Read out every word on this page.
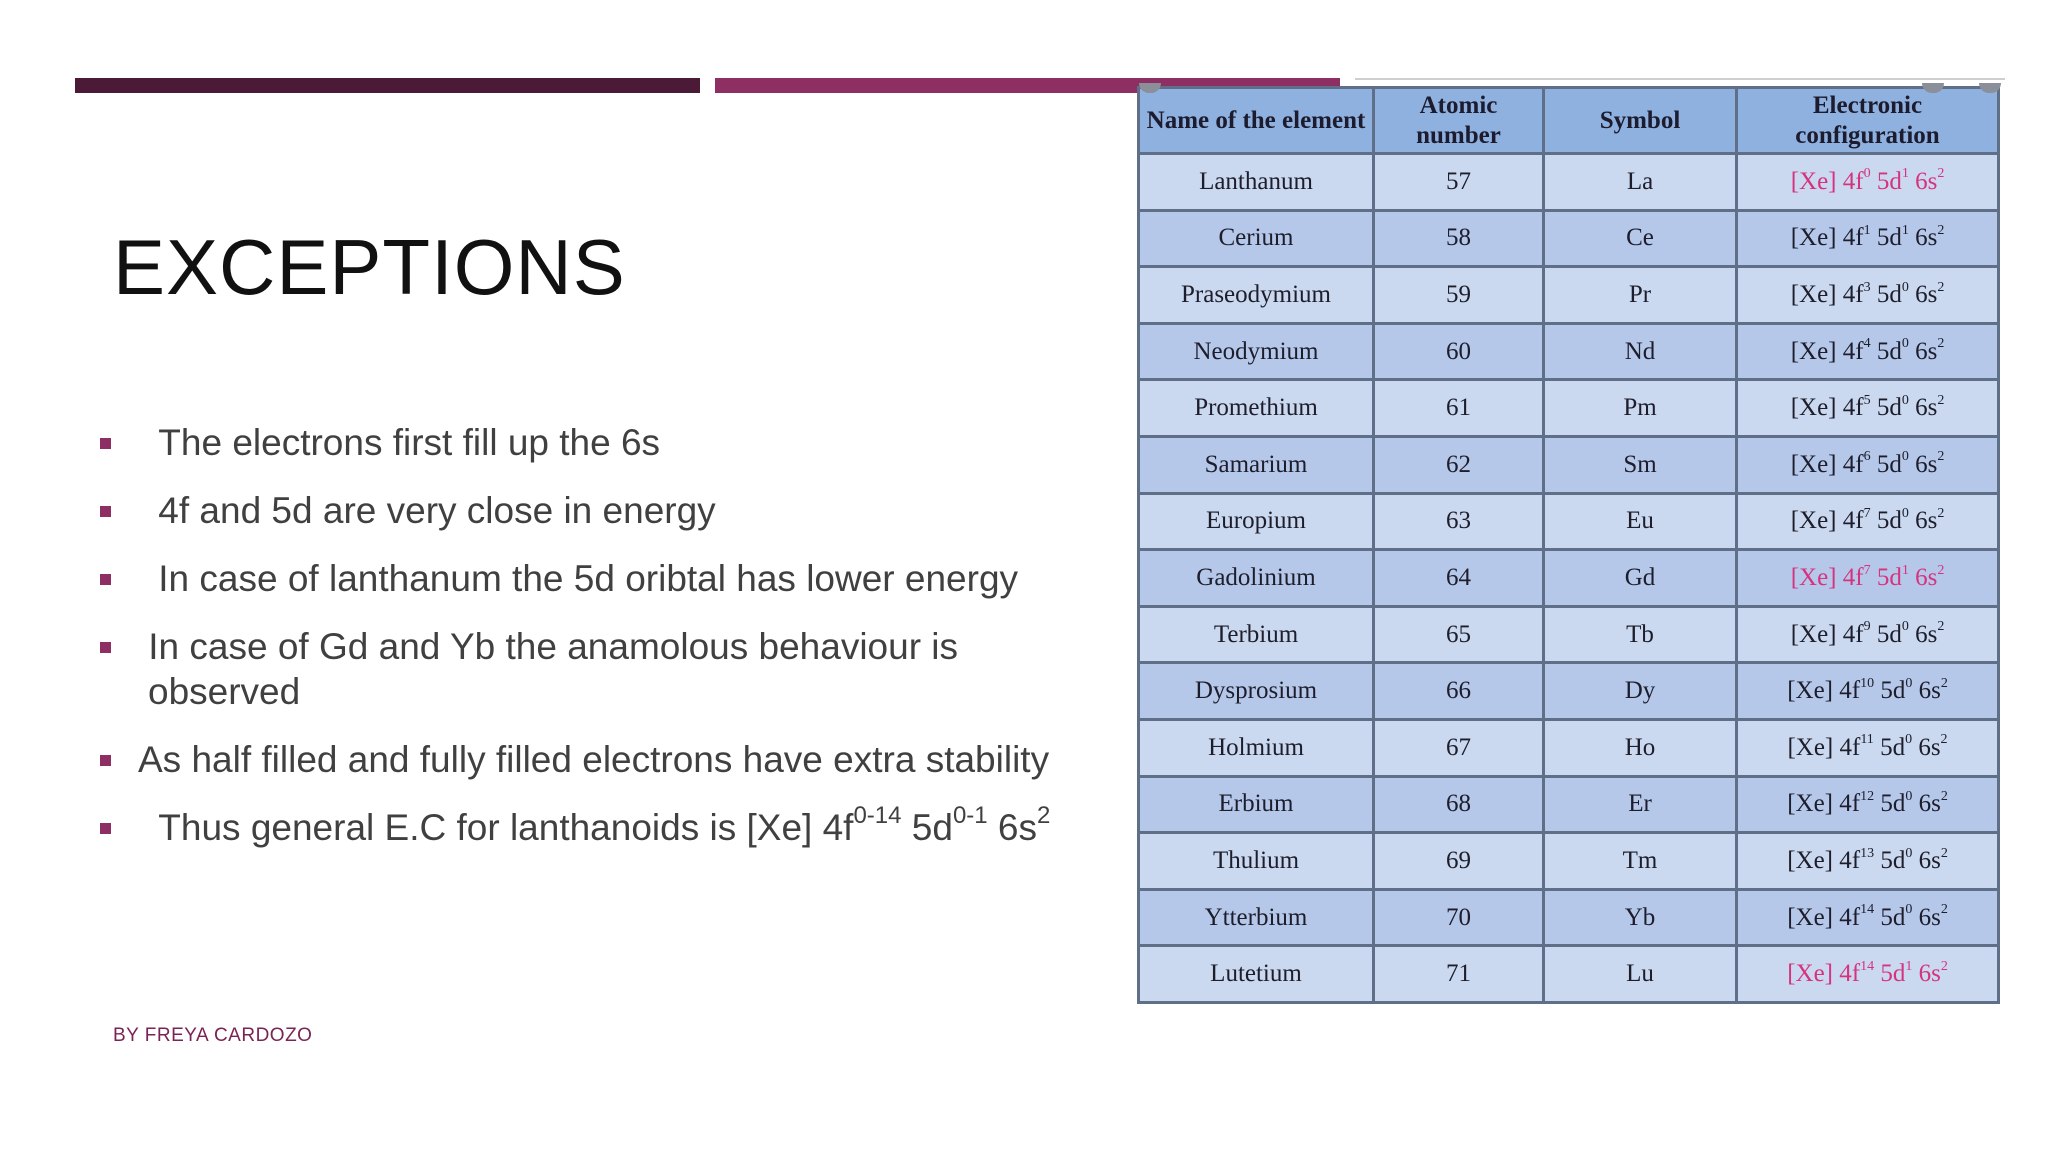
EXCEPTIONS
The electrons first fill up the 6s
4f and 5d are very close in energy
In case of lanthanum the 5d oribtal has lower energy
In case of Gd and Yb the anamolous behaviour is
observed
As half filled and fully filled electrons have extra stability
Thus general E.C for lanthanoids is [Xe] $4f^{0-14}$ $5d^{0-1}$ $6s^2$
BY FREYA CARDOZO
Name of the element	Atomic number	Symbol	Electronic configuration
Lanthanum	57	La	[Xe] $4f^0$ $5d^1$ $6s^2$
Cerium	58	Ce	[Xe] $4f^1$ $5d^1$ $6s^2$
Praseodymium	59	Pr	[Xe] $4f^3$ $5d^0$ $6s^2$
Neodymium	60	Nd	[Xe] $4f^4$ $5d^0$ $6s^2$
Promethium	61	Pm	[Xe] $4f^5$ $5d^0$ $6s^2$
Samarium	62	Sm	[Xe] $4f^6$ $5d^0$ $6s^2$
Europium	63	Eu	[Xe] $4f^7$ $5d^0$ $6s^2$
Gadolinium	64	Gd	[Xe] $4f^7$ $5d^1$ $6s^2$
Terbium	65	Tb	[Xe] $4f^9$ $5d^0$ $6s^2$
Dysprosium	66	Dy	[Xe] $4f^{10}$ $5d^0$ $6s^2$
Holmium	67	Ho	[Xe] $4f^{11}$ $5d^0$ $6s^2$
Erbium	68	Er	[Xe] $4f^{12}$ $5d^0$ $6s^2$
Thulium	69	Tm	[Xe] $4f^{13}$ $5d^0$ $6s^2$
Ytterbium	70	Yb	[Xe] $4f^{14}$ $5d^0$ $6s^2$
Lutetium	71	Lu	[Xe] $4f^{14}$ $5d^1$ $6s^2$
